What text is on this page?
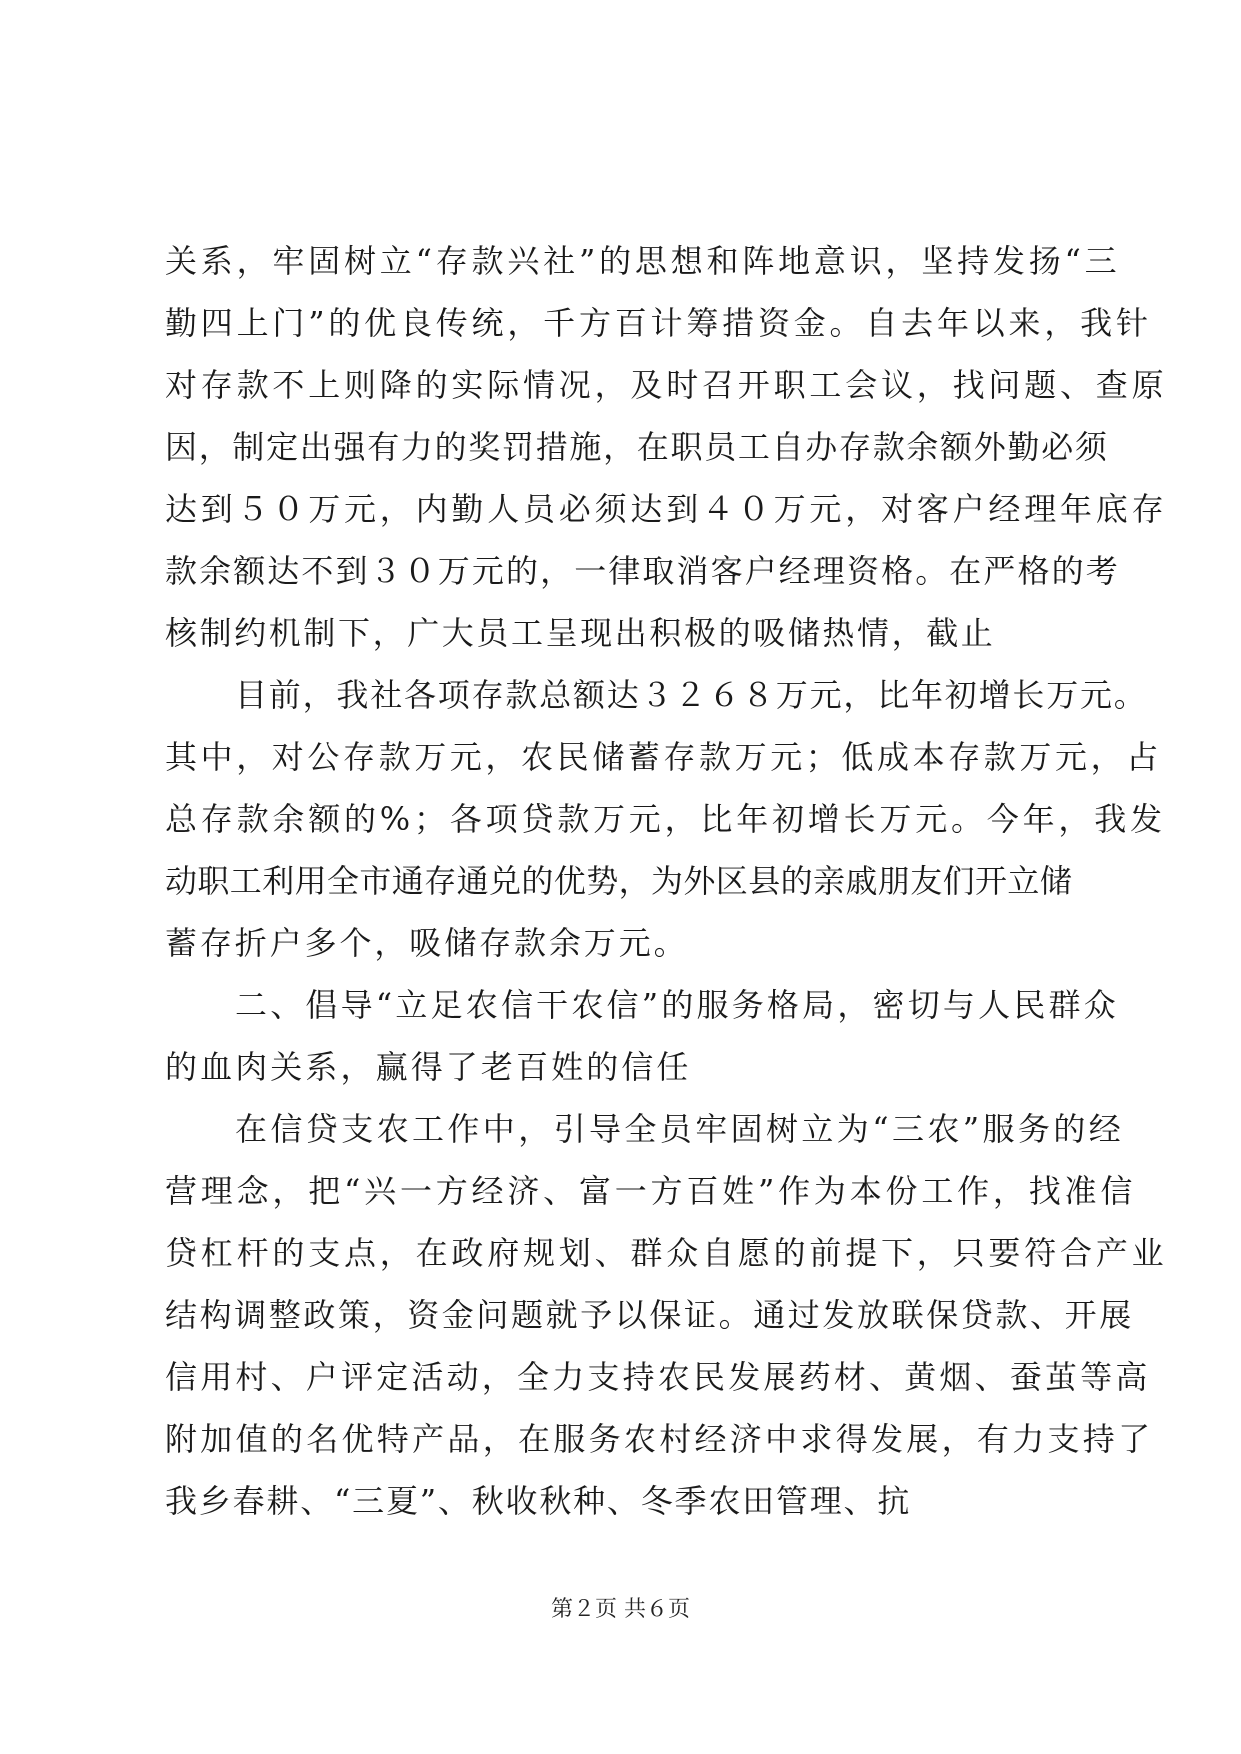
关系，牢固树立“存款兴社”的思想和阵地意识，坚持发扬“三
勤四上门”的优良传统，千方百计筹措资金。自去年以来，我针
对存款不上则降的实际情况，及时召开职工会议，找问题、查原
因，制定出强有力的奖罚措施，在职员工自办存款余额外勤必须
达到５０万元，内勤人员必须达到４０万元，对客户经理年底存
款余额达不到３０万元的，一律取消客户经理资格。在严格的考
核制约机制下，广大员工呈现出积极的吸储热情，截止
目前，我社各项存款总额达３２６８万元，比年初增长万元。
其中，对公存款万元，农民储蓄存款万元；低成本存款万元，占
总存款余额的%；各项贷款万元，比年初增长万元。今年，我发
动职工利用全市通存通兑的优势，为外区县的亲戚朋友们开立储
蓄存折户多个，吸储存款余万元。
二、倡导“立足农信干农信”的服务格局，密切与人民群众
的血肉关系，赢得了老百姓的信任
在信贷支农工作中，引导全员牢固树立为“三农”服务的经
营理念，把“兴一方经济、富一方百姓”作为本份工作，找准信
贷杠杆的支点，在政府规划、群众自愿的前提下，只要符合产业
结构调整政策，资金问题就予以保证。通过发放联保贷款、开展
信用村、户评定活动，全力支持农民发展药材、黄烟、蚕茧等高
附加值的名优特产品，在服务农村经济中求得发展，有力支持了
我乡春耕、“三夏”、秋收秋种、冬季农田管理、抗
第２页 共６页
